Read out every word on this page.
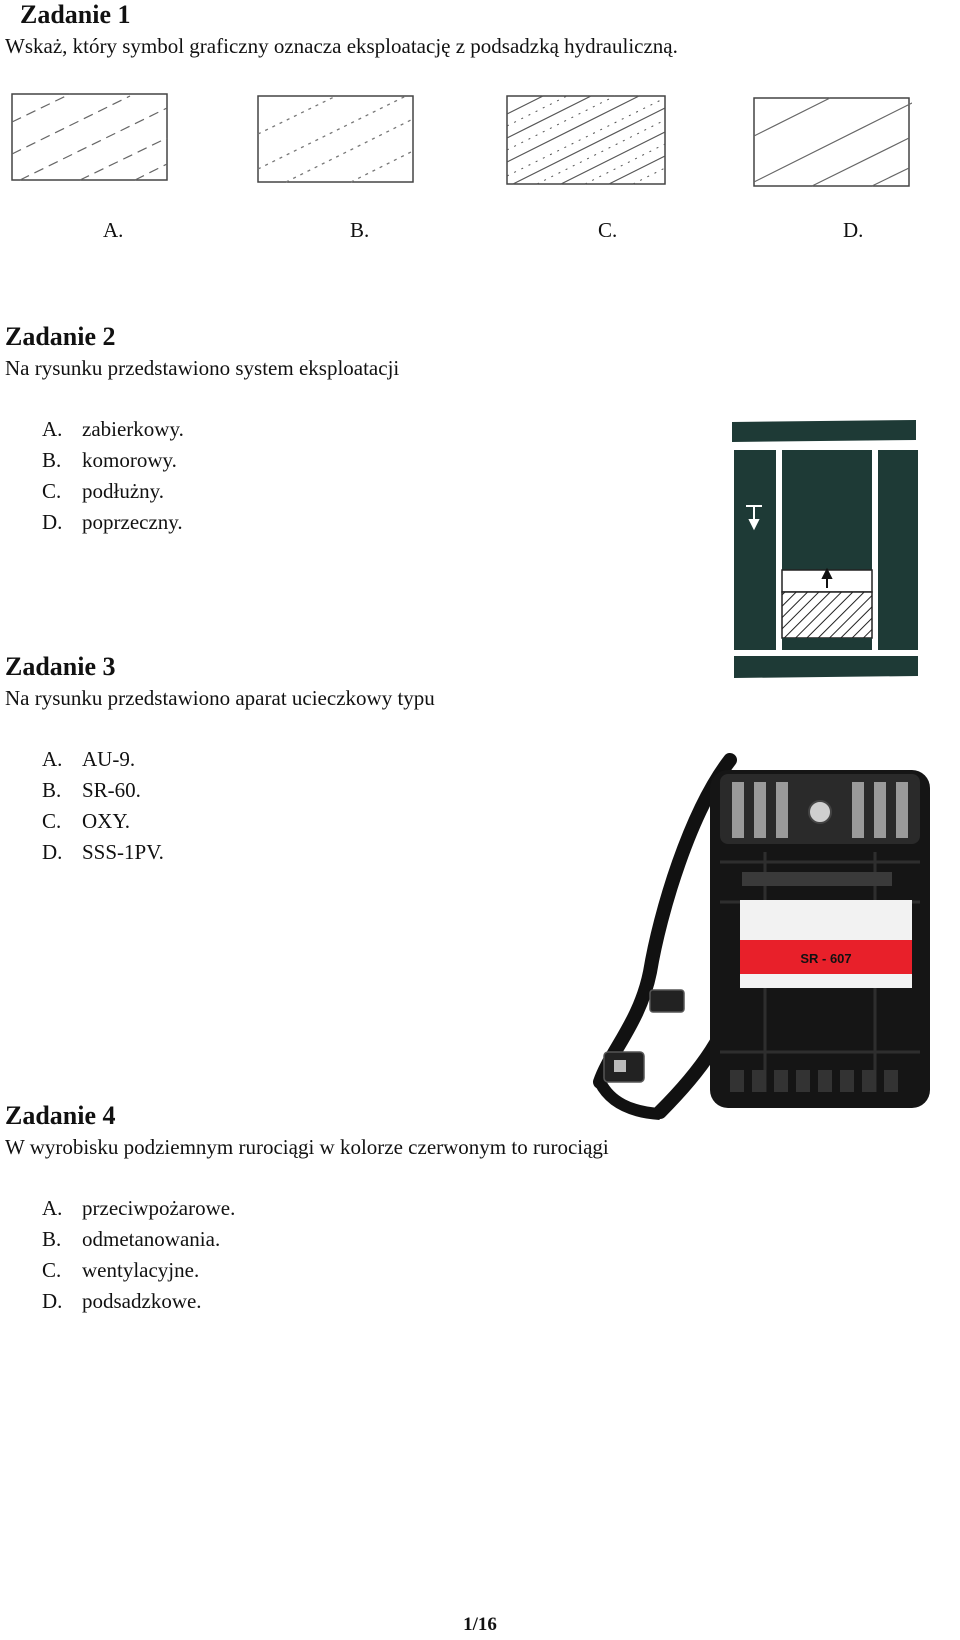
Zadanie 1
Wskaż, który symbol graficzny oznacza eksploatację z podsadzką hydrauliczną.
A.	B.	C.	D.
Zadanie 2
Na rysunku przedstawiono system eksploatacji
A. zabierkowy.
B. komorowy.
C. podłużny.
D. poprzeczny.
Zadanie 3
Na rysunku przedstawiono aparat ucieczkowy typu
A. AU-9.
B. SR-60.
C. OXY.
D. SSS-1PV.
SR - 607
Zadanie 4
W wyrobisku podziemnym rurociągi w kolorze czerwonym to rurociągi
A. przeciwpożarowe.
B. odmetanowania.
C. wentylacyjne.
D. podsadzkowe.
1/16
